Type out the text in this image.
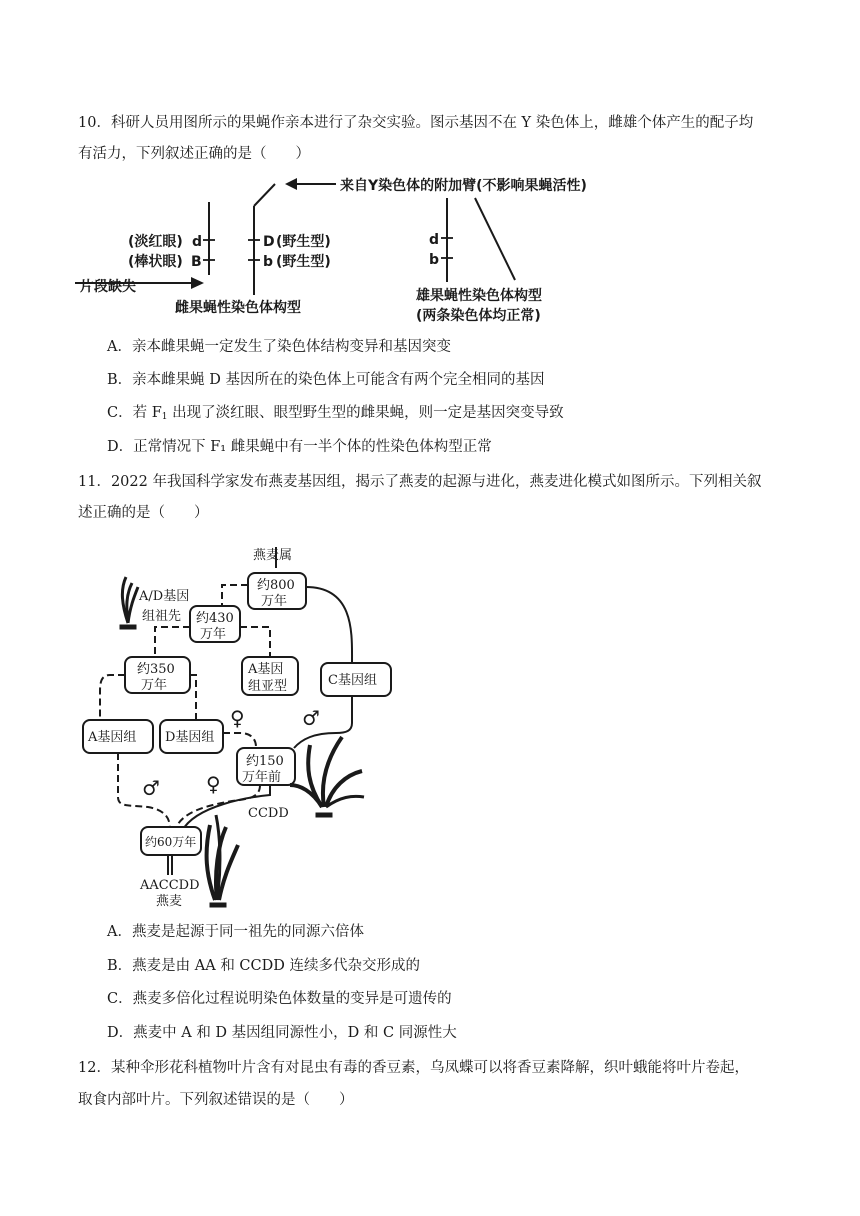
10．科研人员用图所示的果蝇作亲本进行了杂交实验。图示基因不在 Y 染色体上，雌雄个体产生的配子均
有活力，下列叙述正确的是（　　）
来自Y染色体的附加臂(不影响果蝇活性)
(淡红眼) d
(棒状眼) B
D (野生型)
b (野生型)
片段缺失
雌果蝇性染色体构型
d
b
雄果蝇性染色体构型
(两条染色体均正常)
A．亲本雌果蝇一定发生了染色体结构变异和基因突变
B．亲本雌果蝇 D 基因所在的染色体上可能含有两个完全相同的基因
C．若 $F_1$ 出现了淡红眼、眼型野生型的雌果蝇，则一定是基因突变导致
D．正常情况下 F₁ 雌果蝇中有一半个体的性染色体构型正常
11．2022 年我国科学家发布燕麦基因组，揭示了燕麦的起源与进化，燕麦进化模式如图所示。下列相关叙
述正确的是（　　）
燕麦属
约800
万年
A/D基因
组祖先 约430
万年
约350
万年
A基因
组亚型	C基因组
A基因组 D基因组
♀	♂
约150
万年前
♂ ♀
CCDD
约60万年
AACCDD
燕麦
A．燕麦是起源于同一祖先的同源六倍体
B．燕麦是由 AA 和 CCDD 连续多代杂交形成的
C．燕麦多倍化过程说明染色体数量的变异是可遗传的
D．燕麦中 A 和 D 基因组同源性小，D 和 C 同源性大
12．某种伞形花科植物叶片含有对昆虫有毒的香豆素，乌凤蝶可以将香豆素降解，织叶蛾能将叶片卷起，
取食内部叶片。下列叙述错误的是（　　）
